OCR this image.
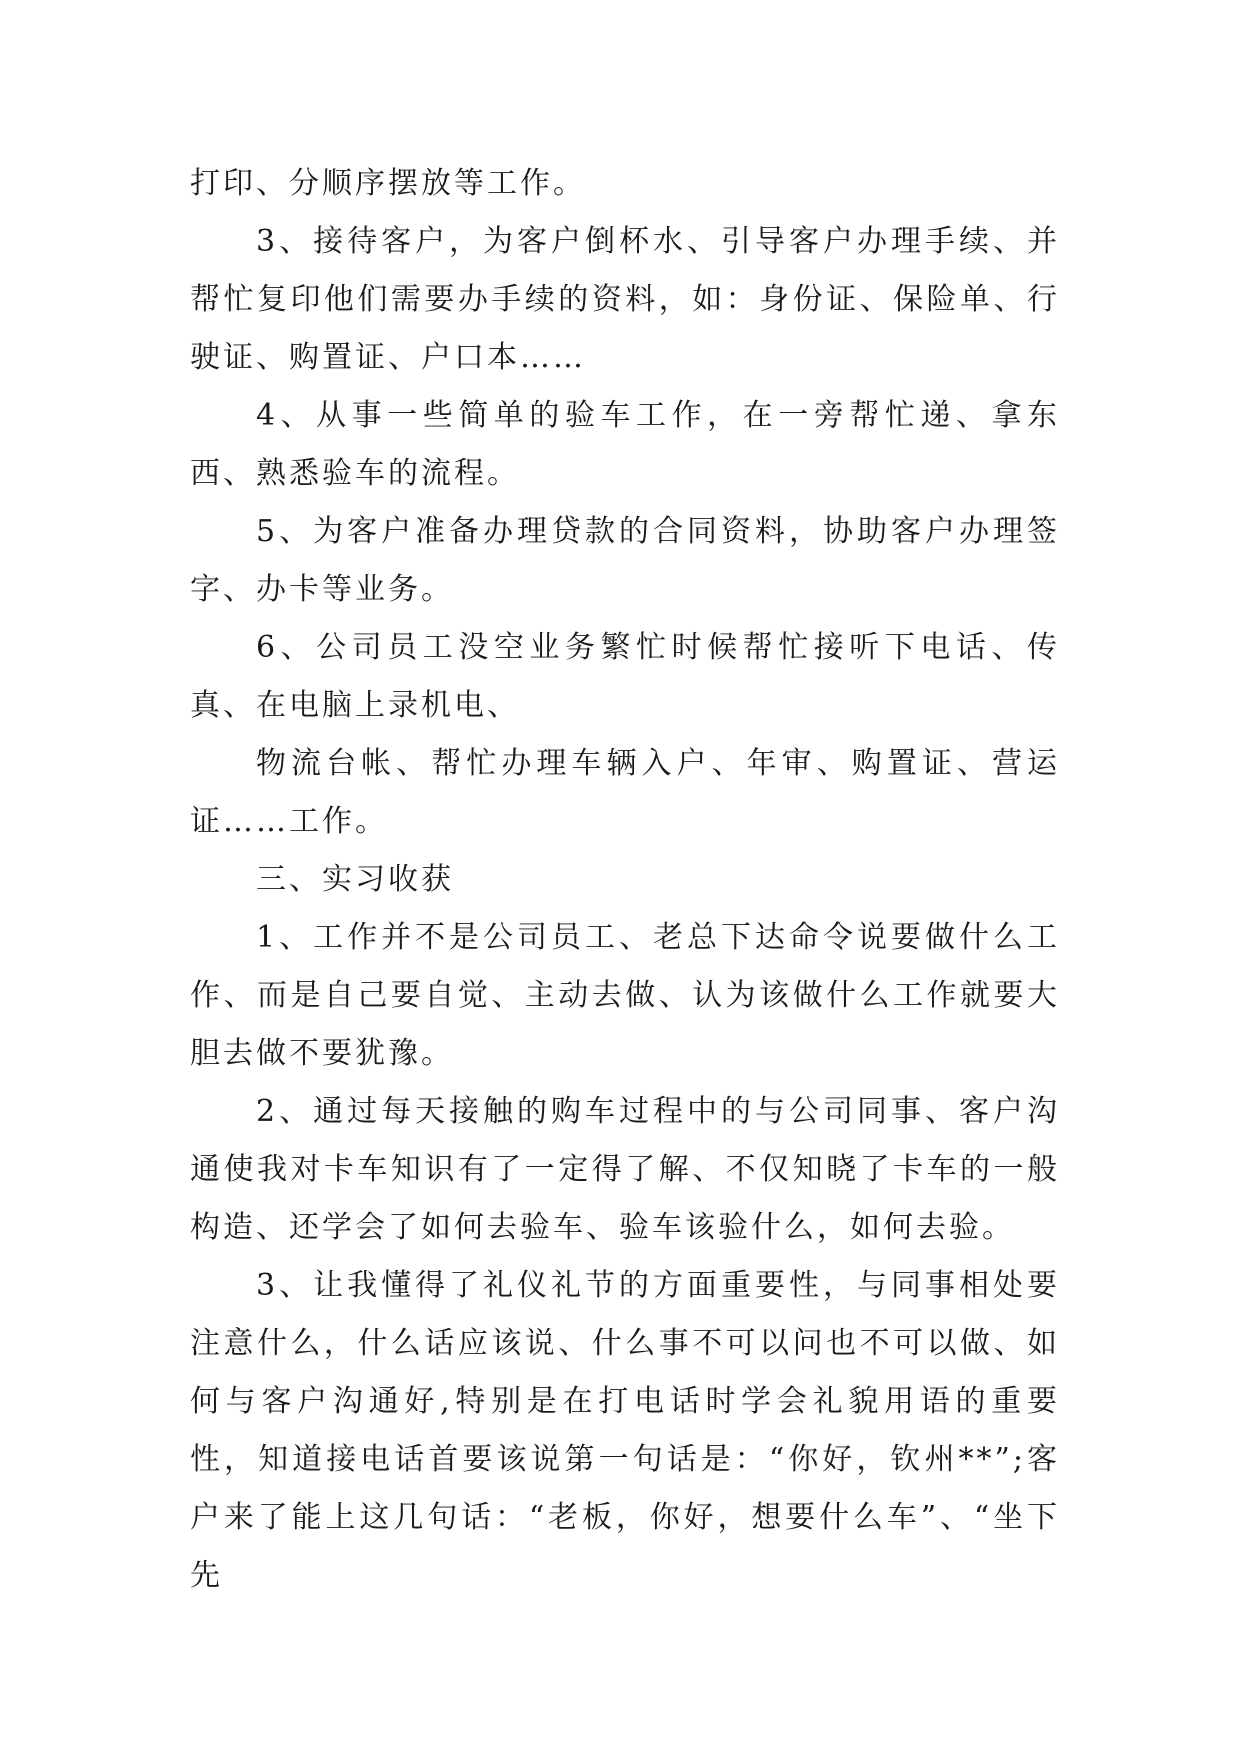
打印、分顺序摆放等工作。

3、接待客户，为客户倒杯水、引导客户办理手续、并帮忙复印他们需要办手续的资料，如：身份证、保险单、行驶证、购置证、户口本……

4、从事一些简单的验车工作，在一旁帮忙递、拿东西、熟悉验车的流程。

5、为客户准备办理贷款的合同资料，协助客户办理签字、办卡等业务。

6、公司员工没空业务繁忙时候帮忙接听下电话、传真、在电脑上录机电、

物流台帐、帮忙办理车辆入户、年审、购置证、营运证……工作。

三、实习收获

1、工作并不是公司员工、老总下达命令说要做什么工作、而是自己要自觉、主动去做、认为该做什么工作就要大胆去做不要犹豫。

2、通过每天接触的购车过程中的与公司同事、客户沟通使我对卡车知识有了一定得了解、不仅知晓了卡车的一般构造、还学会了如何去验车、验车该验什么，如何去验。

3、让我懂得了礼仪礼节的方面重要性，与同事相处要注意什么，什么话应该说、什么事不可以问也不可以做、如何与客户沟通好,特别是在打电话时学会礼貌用语的重要性，知道接电话首要该说第一句话是：“你好，钦州**”;客户来了能上这几句话：“老板，你好，想要什么车”、“坐下先
